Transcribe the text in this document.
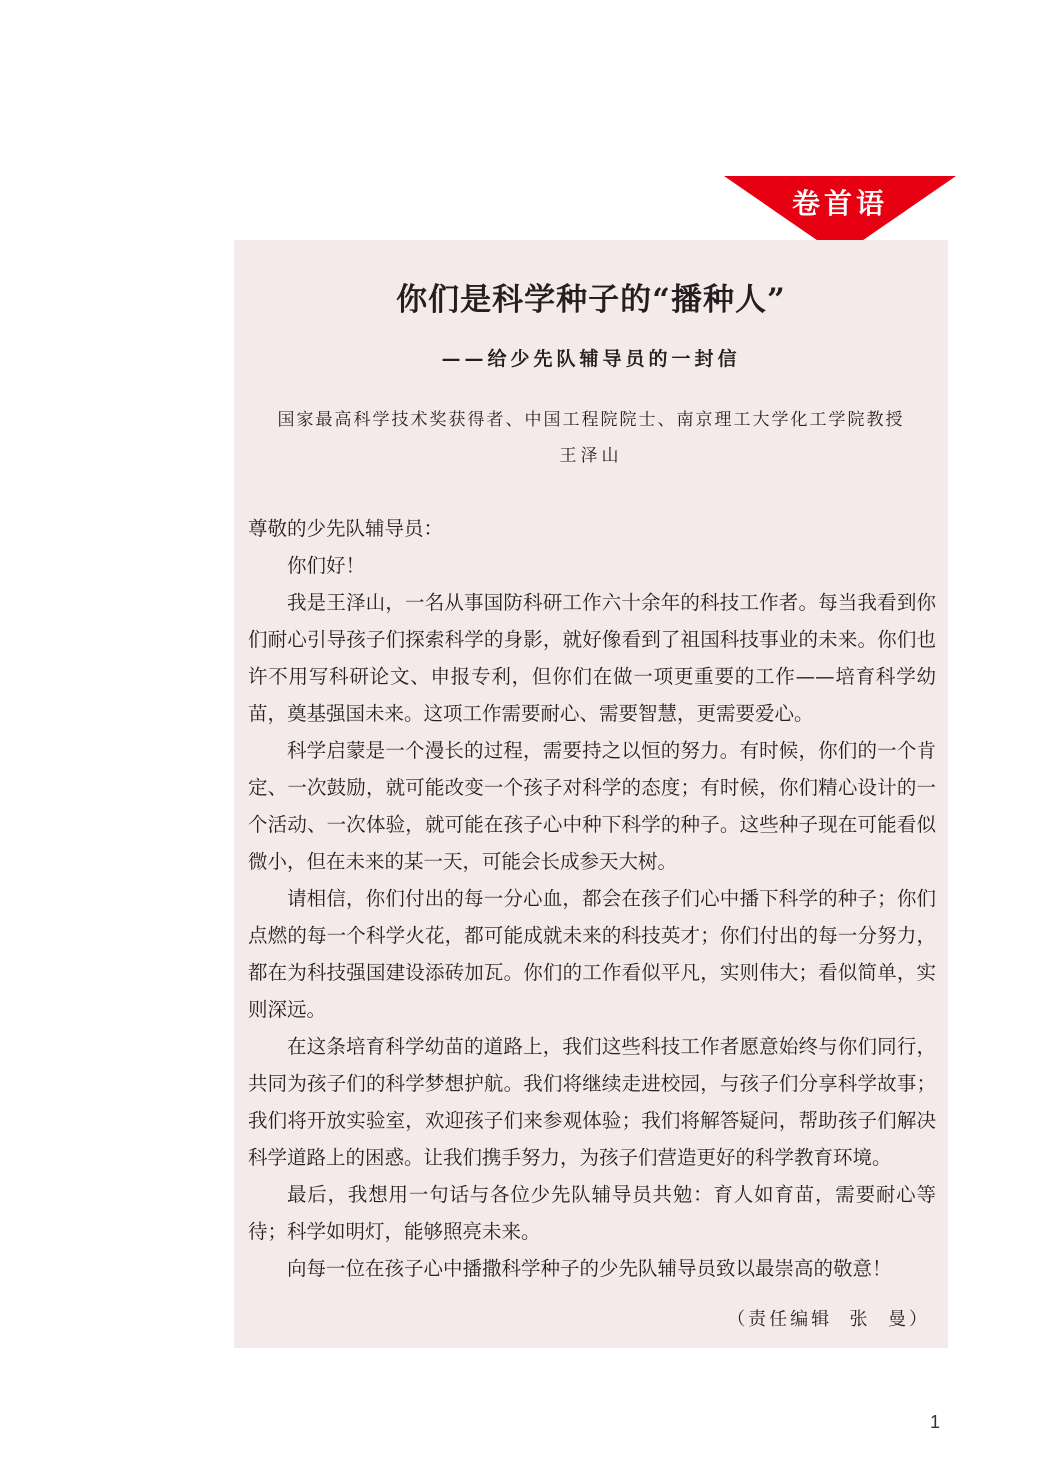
卷首语
你们是科学种子的“播种人”
——给少先队辅导员的一封信
国家最高科学技术奖获得者、中国工程院院士、南京理工大学化工学院教授
王泽山

尊敬的少先队辅导员：

你们好！

我是王泽山，一名从事国防科研工作六十余年的科技工作者。每当我看到你们耐心引导孩子们探索科学的身影，就好像看到了祖国科技事业的未来。你们也许不用写科研论文、申报专利，但你们在做一项更重要的工作——培育科学幼苗，奠基强国未来。这项工作需要耐心、需要智慧，更需要爱心。

科学启蒙是一个漫长的过程，需要持之以恒的努力。有时候，你们的一个肯定、一次鼓励，就可能改变一个孩子对科学的态度；有时候，你们精心设计的一个活动、一次体验，就可能在孩子心中种下科学的种子。这些种子现在可能看似微小，但在未来的某一天，可能会长成参天大树。

请相信，你们付出的每一分心血，都会在孩子们心中播下科学的种子；你们点燃的每一个科学火花，都可能成就未来的科技英才；你们付出的每一分努力，都在为科技强国建设添砖加瓦。你们的工作看似平凡，实则伟大；看似简单，实则深远。

在这条培育科学幼苗的道路上，我们这些科技工作者愿意始终与你们同行，共同为孩子们的科学梦想护航。我们将继续走进校园，与孩子们分享科学故事；我们将开放实验室，欢迎孩子们来参观体验；我们将解答疑问，帮助孩子们解决科学道路上的困惑。让我们携手努力，为孩子们营造更好的科学教育环境。

最后，我想用一句话与各位少先队辅导员共勉：育人如育苗，需要耐心等待；科学如明灯，能够照亮未来。

向每一位在孩子心中播撒科学种子的少先队辅导员致以最崇高的敬意！

（责任编辑  张  曼）
1
